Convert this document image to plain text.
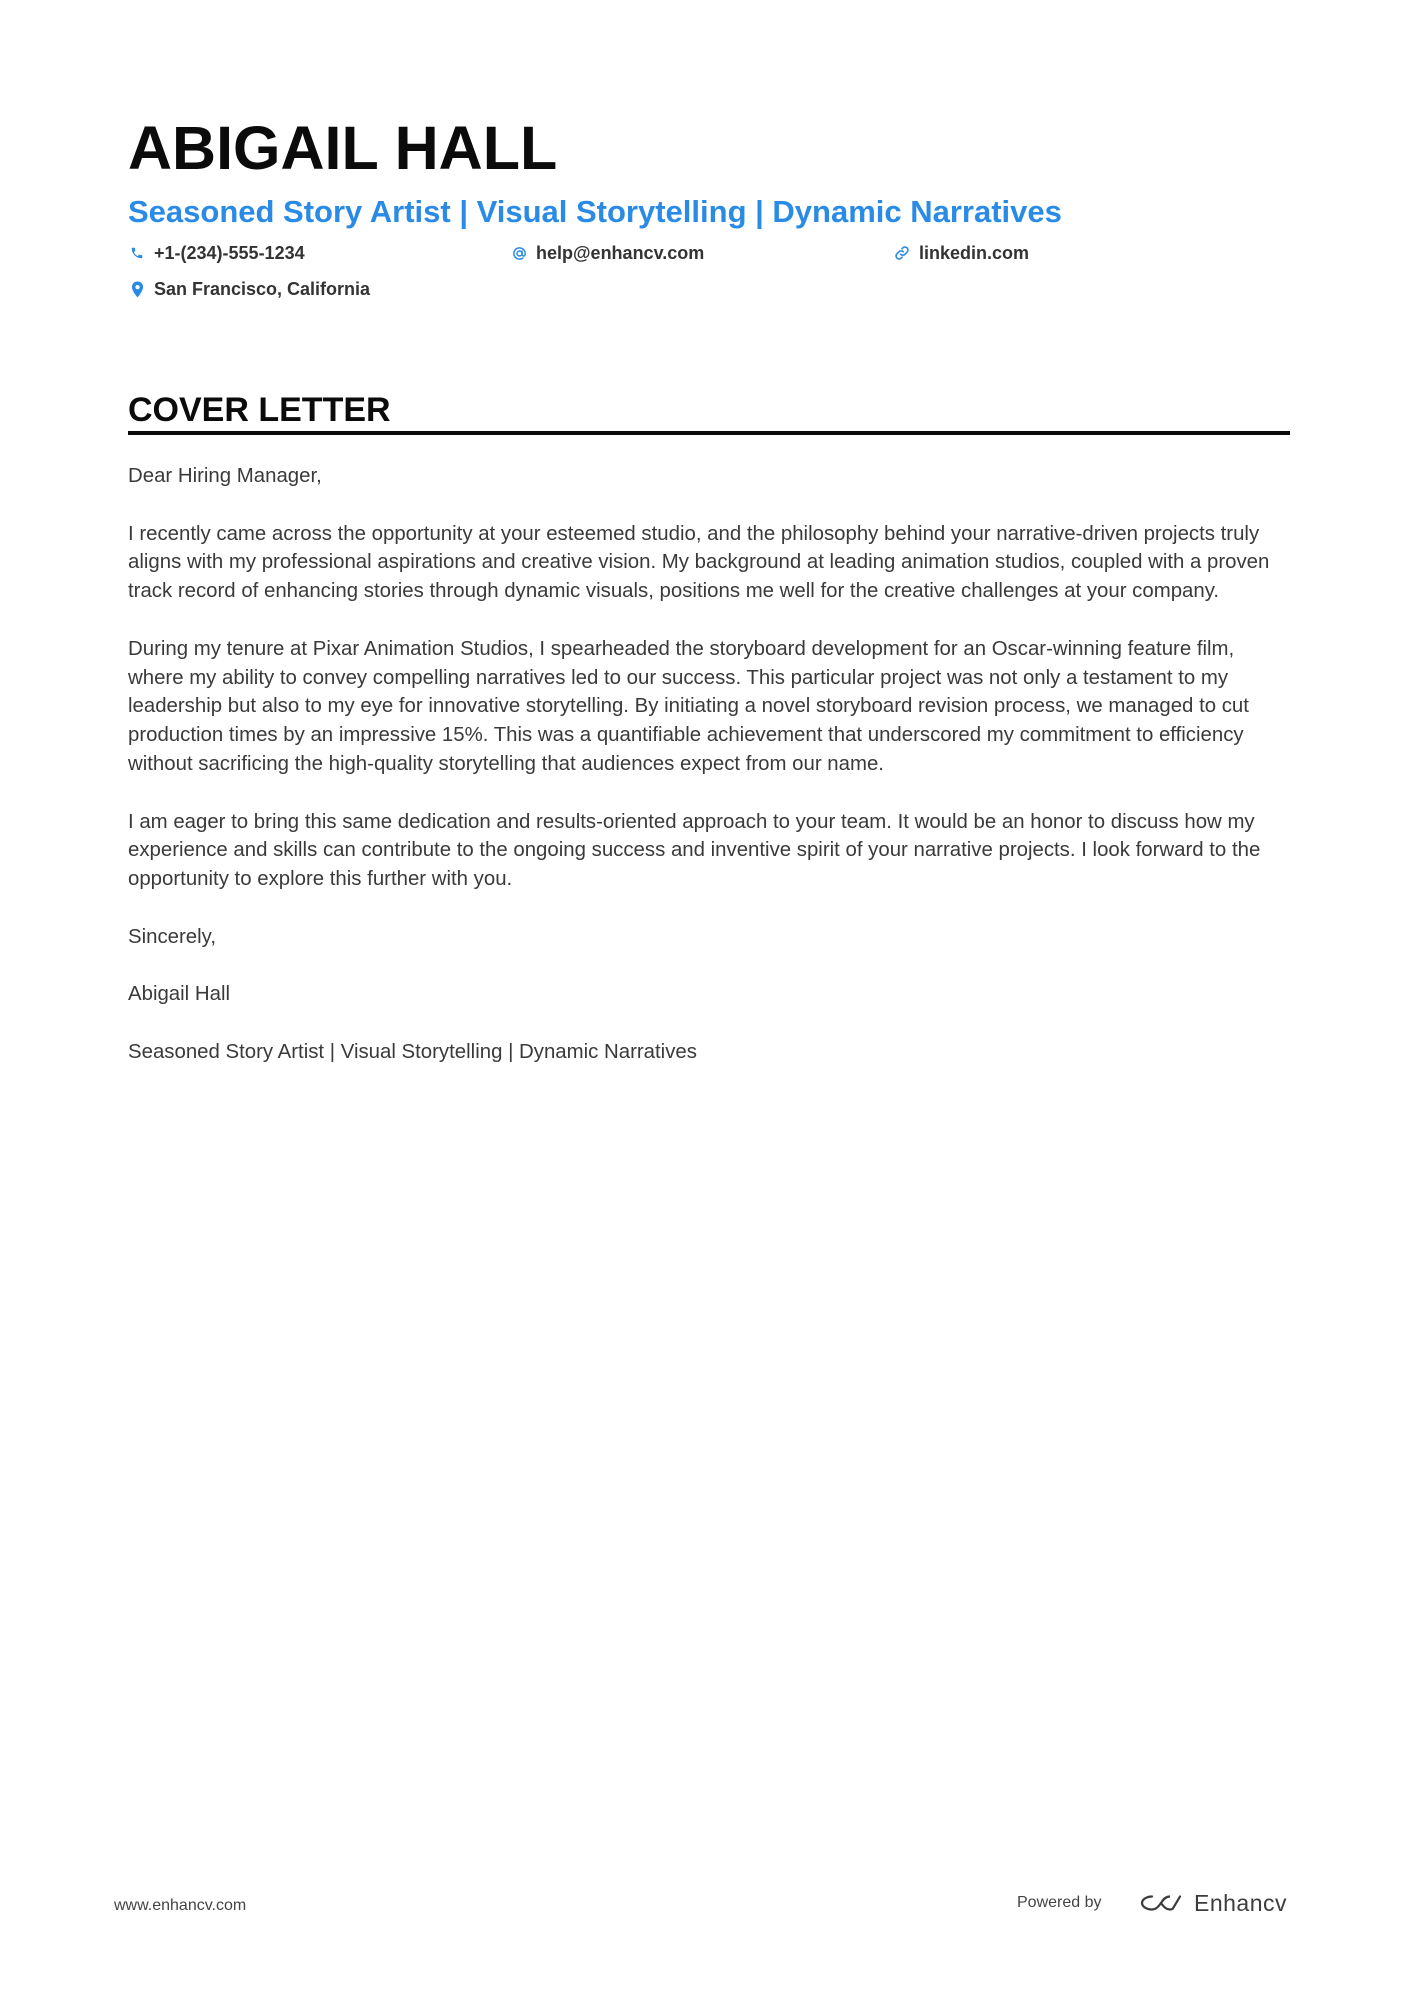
ABIGAIL HALL
Seasoned Story Artist | Visual Storytelling | Dynamic Narratives
+1-(234)-555-1234	help@enhancv.com	linkedin.com
San Francisco, California
COVER LETTER

Dear Hiring Manager,

I recently came across the opportunity at your esteemed studio, and the philosophy behind your narrative-driven projects truly aligns with my professional aspirations and creative vision. My background at leading animation studios, coupled with a proven track record of enhancing stories through dynamic visuals, positions me well for the creative challenges at your company.

During my tenure at Pixar Animation Studios, I spearheaded the storyboard development for an Oscar-winning feature film, where my ability to convey compelling narratives led to our success. This particular project was not only a testament to my leadership but also to my eye for innovative storytelling. By initiating a novel storyboard revision process, we managed to cut production times by an impressive 15%. This was a quantifiable achievement that underscored my commitment to efficiency without sacrificing the high-quality storytelling that audiences expect from our name.

I am eager to bring this same dedication and results-oriented approach to your team. It would be an honor to discuss how my experience and skills can contribute to the ongoing success and inventive spirit of your narrative projects. I look forward to the opportunity to explore this further with you.

Sincerely,

Abigail Hall

Seasoned Story Artist | Visual Storytelling | Dynamic Narratives

www.enhancv.com	Powered by	Enhancv
